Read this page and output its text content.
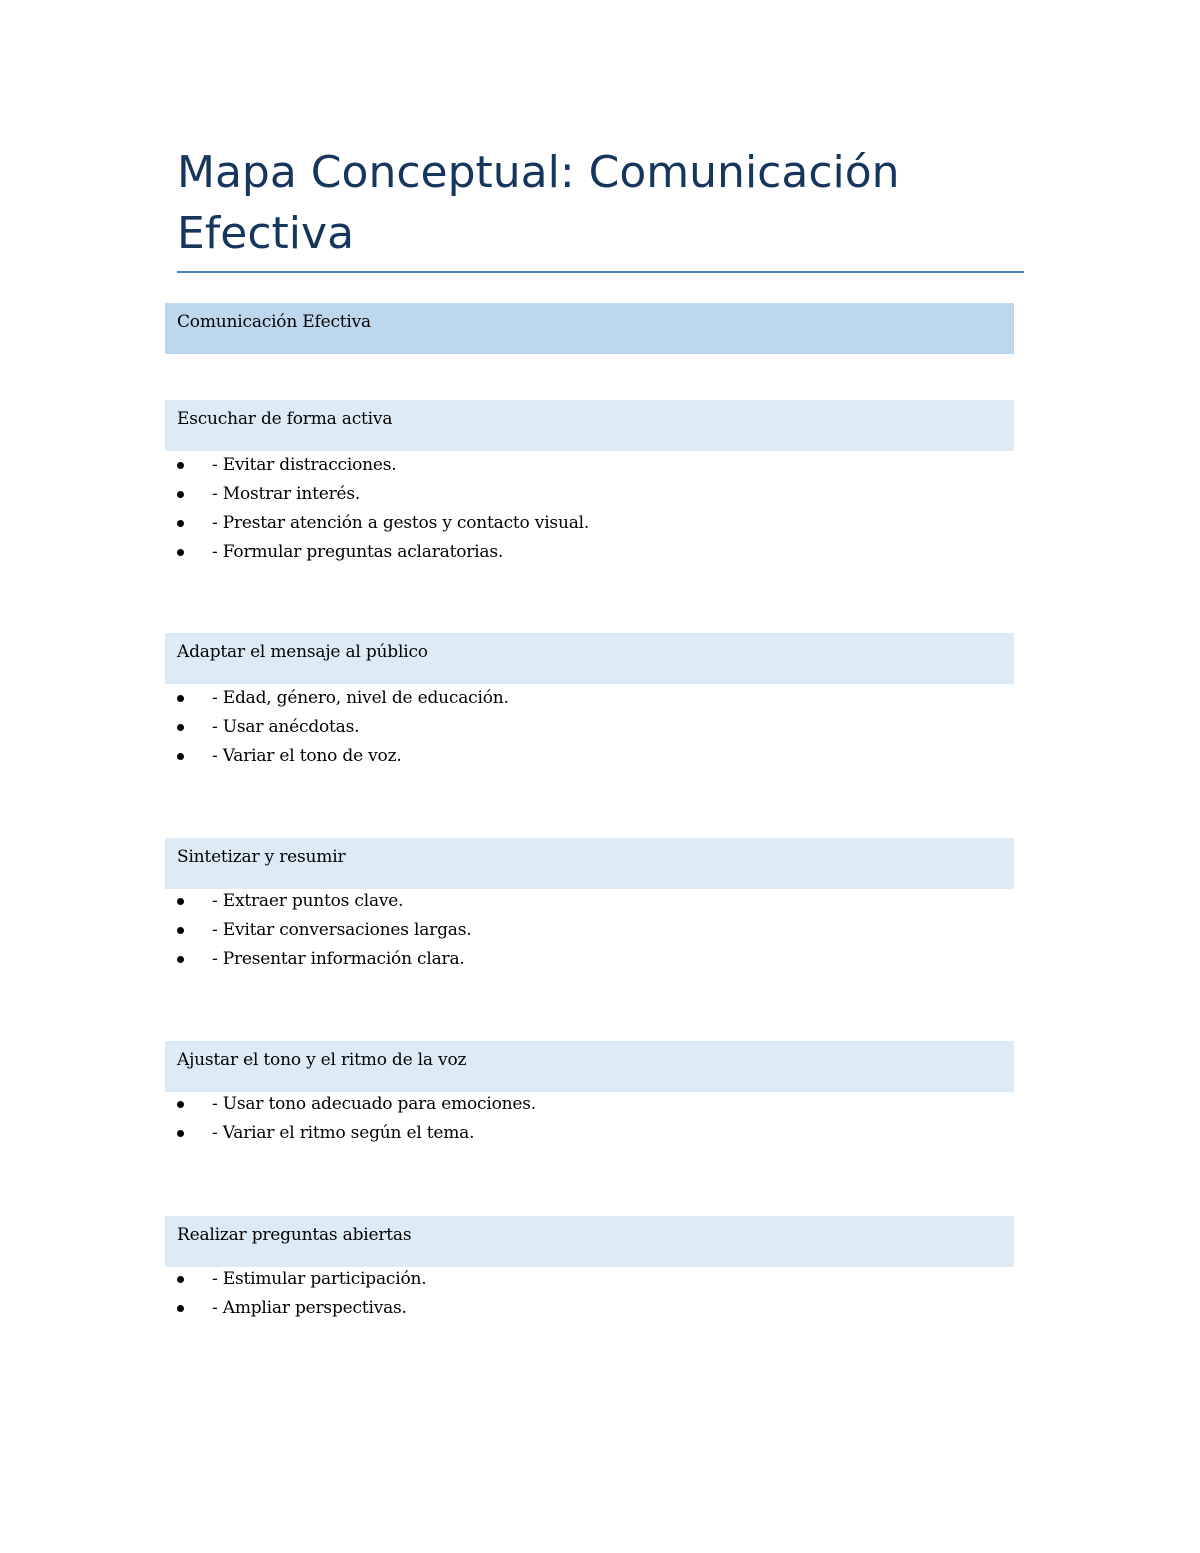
Mapa Conceptual: Comunicación Efectiva
Comunicación Efectiva
Escuchar de forma activa
- Evitar distracciones.
- Mostrar interés.
- Prestar atención a gestos y contacto visual.
- Formular preguntas aclaratorias.
Adaptar el mensaje al público
- Edad, género, nivel de educación.
- Usar anécdotas.
- Variar el tono de voz.
Sintetizar y resumir
- Extraer puntos clave.
- Evitar conversaciones largas.
- Presentar información clara.
Ajustar el tono y el ritmo de la voz
- Usar tono adecuado para emociones.
- Variar el ritmo según el tema.
Realizar preguntas abiertas
- Estimular participación.
- Ampliar perspectivas.
